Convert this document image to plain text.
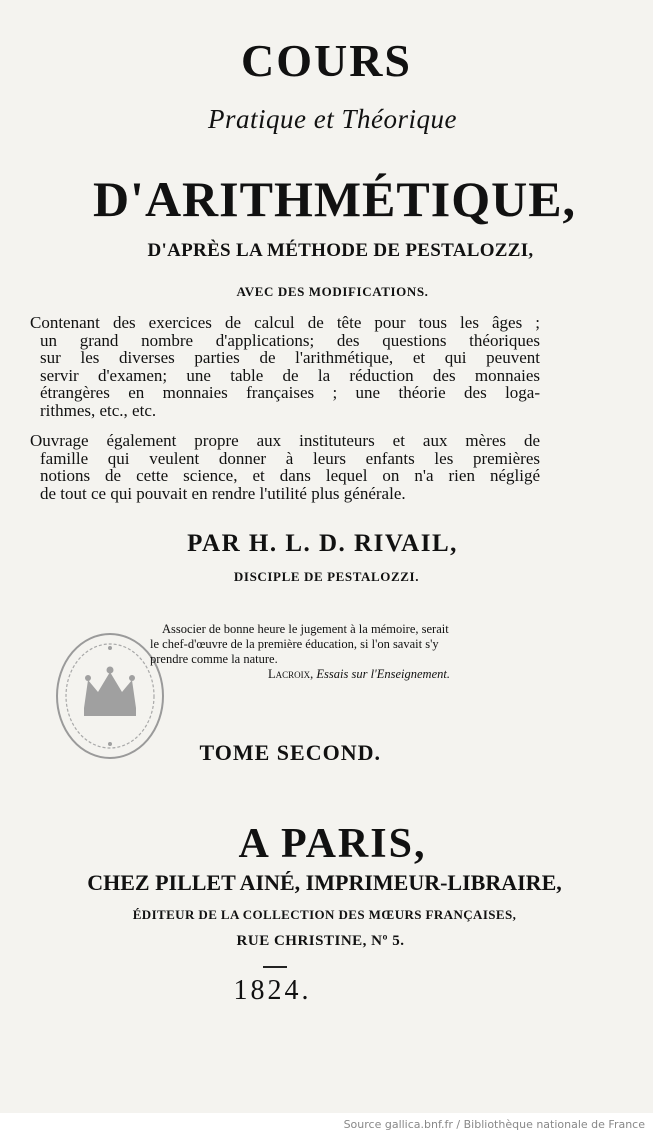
COURS
Pratique et Théorique
D'ARITHMÉTIQUE,
D'APRÈS LA MÉTHODE DE PESTALOZZI,
AVEC DES MODIFICATIONS.
Contenant des exercices de calcul de tête pour tous les âges ;
un grand nombre d'applications; des questions théoriques
sur les diverses parties de l'arithmétique, et qui peuvent
servir d'examen; une table de la réduction des monnaies
étrangères en monnaies françaises ; une théorie des loga-
rithmes, etc., etc.
Ouvrage également propre aux instituteurs et aux mères de
famille qui veulent donner à leurs enfants les premières
notions de cette science, et dans lequel on n'a rien négligé
de tout ce qui pouvait en rendre l'utilité plus générale.
PAR H. L. D. RIVAIL,
DISCIPLE DE PESTALOZZI.
Associer de bonne heure le jugement à la mémoire, serait
le chef-d'œuvre de la première éducation, si l'on savait s'y
prendre comme la nature.
Lacroix, Essais sur l'Enseignement.
TOME SECOND.
A PARIS,
CHEZ PILLET AINÉ, IMPRIMEUR-LIBRAIRE,
ÉDITEUR DE LA COLLECTION DES MŒURS FRANÇAISES,
RUE CHRISTINE, Nº 5.
1824.
Source gallica.bnf.fr / Bibliothèque nationale de France
